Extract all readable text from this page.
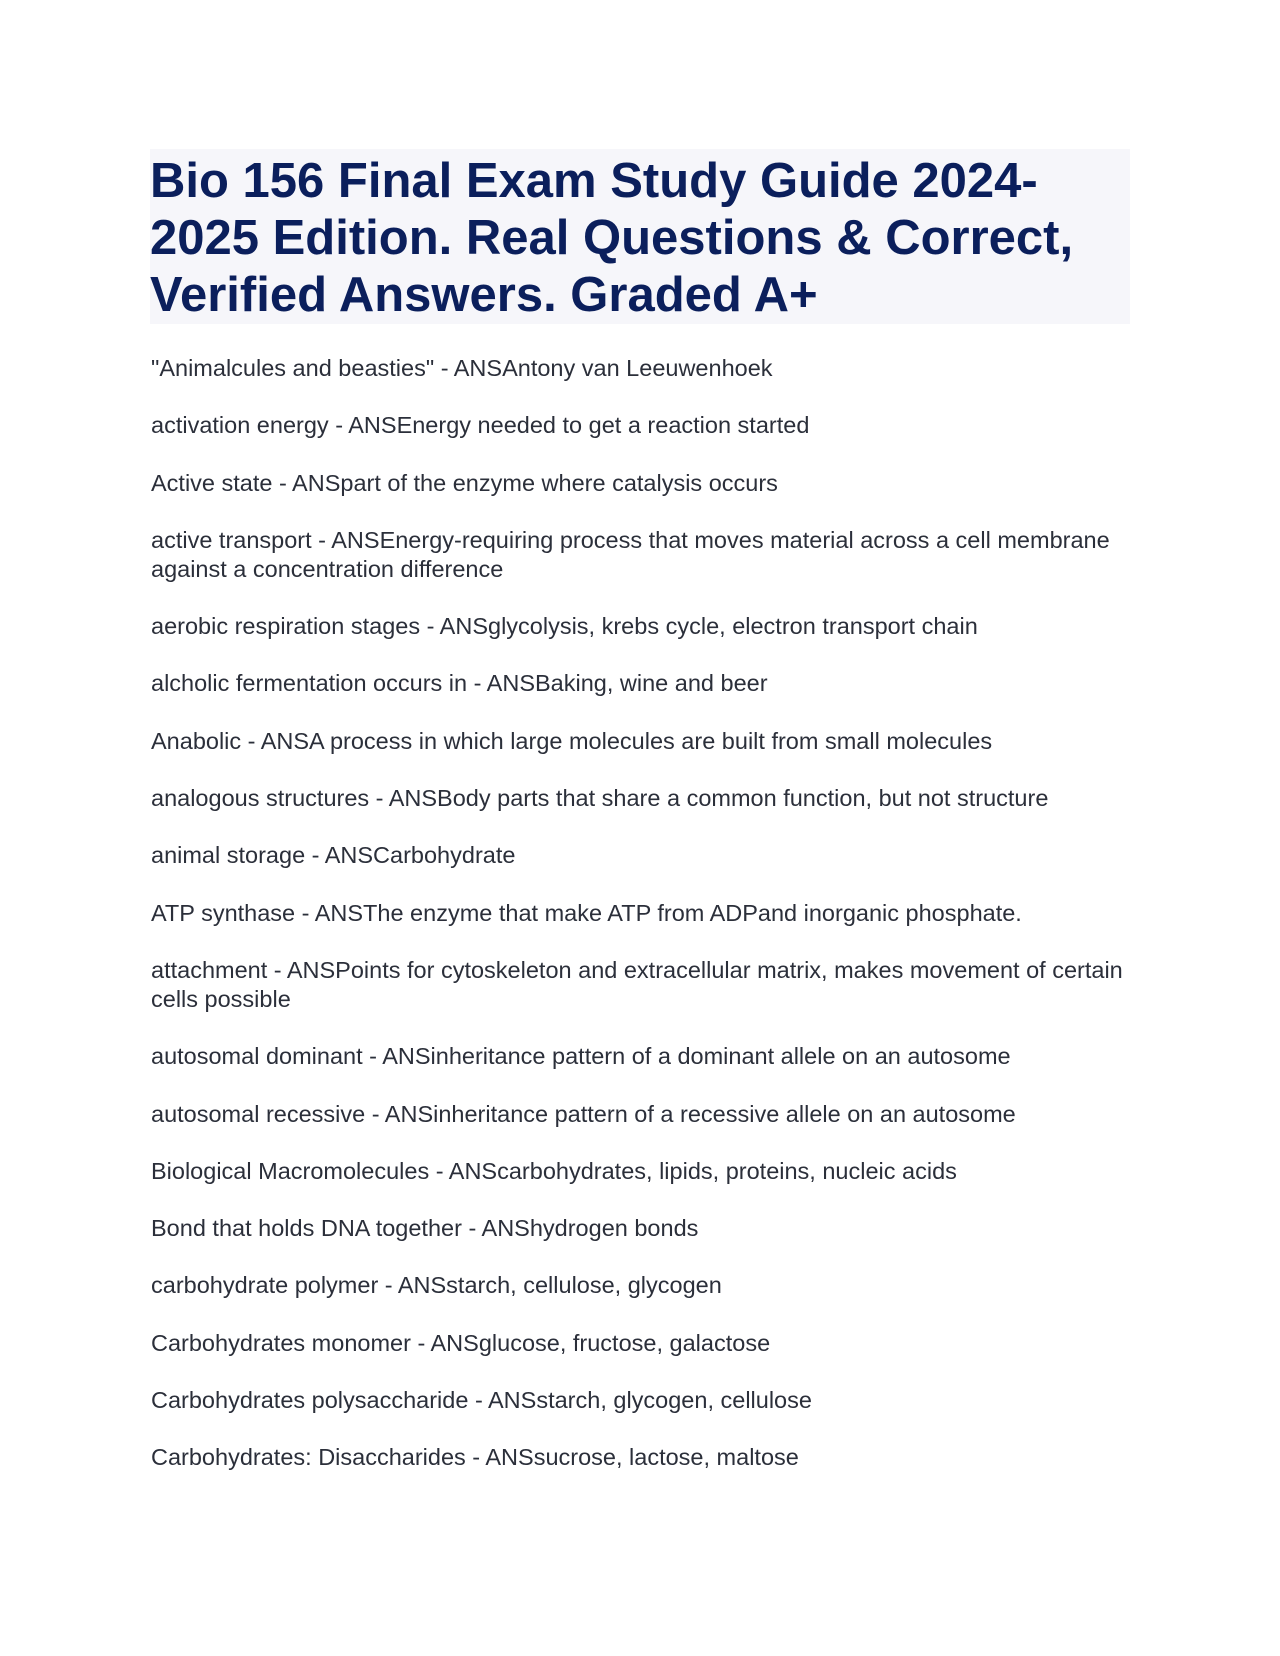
Bio 156 Final Exam Study Guide 2024-2025 Edition. Real Questions & Correct, Verified Answers. Graded A+

"Animalcules and beasties" - ANSAntony van Leeuwenhoek

activation energy - ANSEnergy needed to get a reaction started

Active state - ANSpart of the enzyme where catalysis occurs

active transport - ANSEnergy-requiring process that moves material across a cell membrane against a concentration difference

aerobic respiration stages - ANSglycolysis, krebs cycle, electron transport chain

alcholic fermentation occurs in - ANSBaking, wine and beer

Anabolic - ANSA process in which large molecules are built from small molecules

analogous structures - ANSBody parts that share a common function, but not structure

animal storage - ANSCarbohydrate

ATP synthase - ANSThe enzyme that make ATP from ADPand inorganic phosphate.

attachment - ANSPoints for cytoskeleton and extracellular matrix, makes movement of certain cells possible

autosomal dominant - ANSinheritance pattern of a dominant allele on an autosome

autosomal recessive - ANSinheritance pattern of a recessive allele on an autosome

Biological Macromolecules - ANScarbohydrates, lipids, proteins, nucleic acids

Bond that holds DNA together - ANShydrogen bonds

carbohydrate polymer - ANSstarch, cellulose, glycogen

Carbohydrates monomer - ANSglucose, fructose, galactose

Carbohydrates polysaccharide - ANSstarch, glycogen, cellulose

Carbohydrates: Disaccharides - ANSsucrose, lactose, maltose
